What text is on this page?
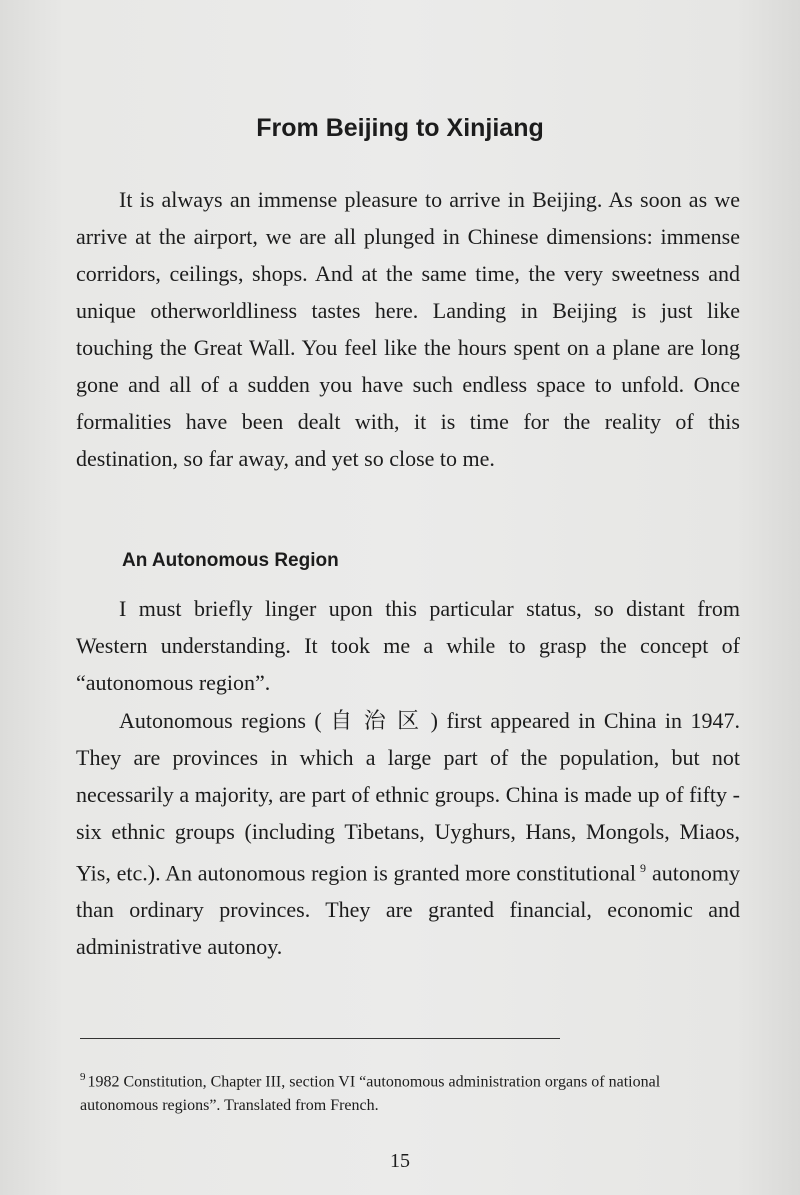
From Beijing to Xinjiang

It is always an immense pleasure to arrive in Beijing. As soon as we arrive at the airport, we are all plunged in Chinese dimensions: immense corridors, ceilings, shops. And at the same time, the very sweetness and unique otherworldliness tastes here. Landing in Beijing is just like touching the Great Wall. You feel like the hours spent on a plane are long gone and all of a sudden you have such endless space to unfold. Once formalities have been dealt with, it is time for the reality of this destination, so far away, and yet so close to me.

An Autonomous Region

I must briefly linger upon this particular status, so distant from Western understanding. It took me a while to grasp the concept of “autonomous region”.

Autonomous regions ( 自 治 区 ) first appeared in China in 1947. They are provinces in which a large part of the population, but not necessarily a majority, are part of ethnic groups. China is made up of fifty - six ethnic groups (including Tibetans, Uyghurs, Hans, Mongols, Miaos, Yis, etc.). An autonomous region is granted more constitutional $^9$ autonomy than ordinary provinces. They are granted financial, economic and administrative autonoy.

$^9$ 1982 Constitution, Chapter III, section VI “autonomous administration organs of national autonomous regions”. Translated from French.

15
